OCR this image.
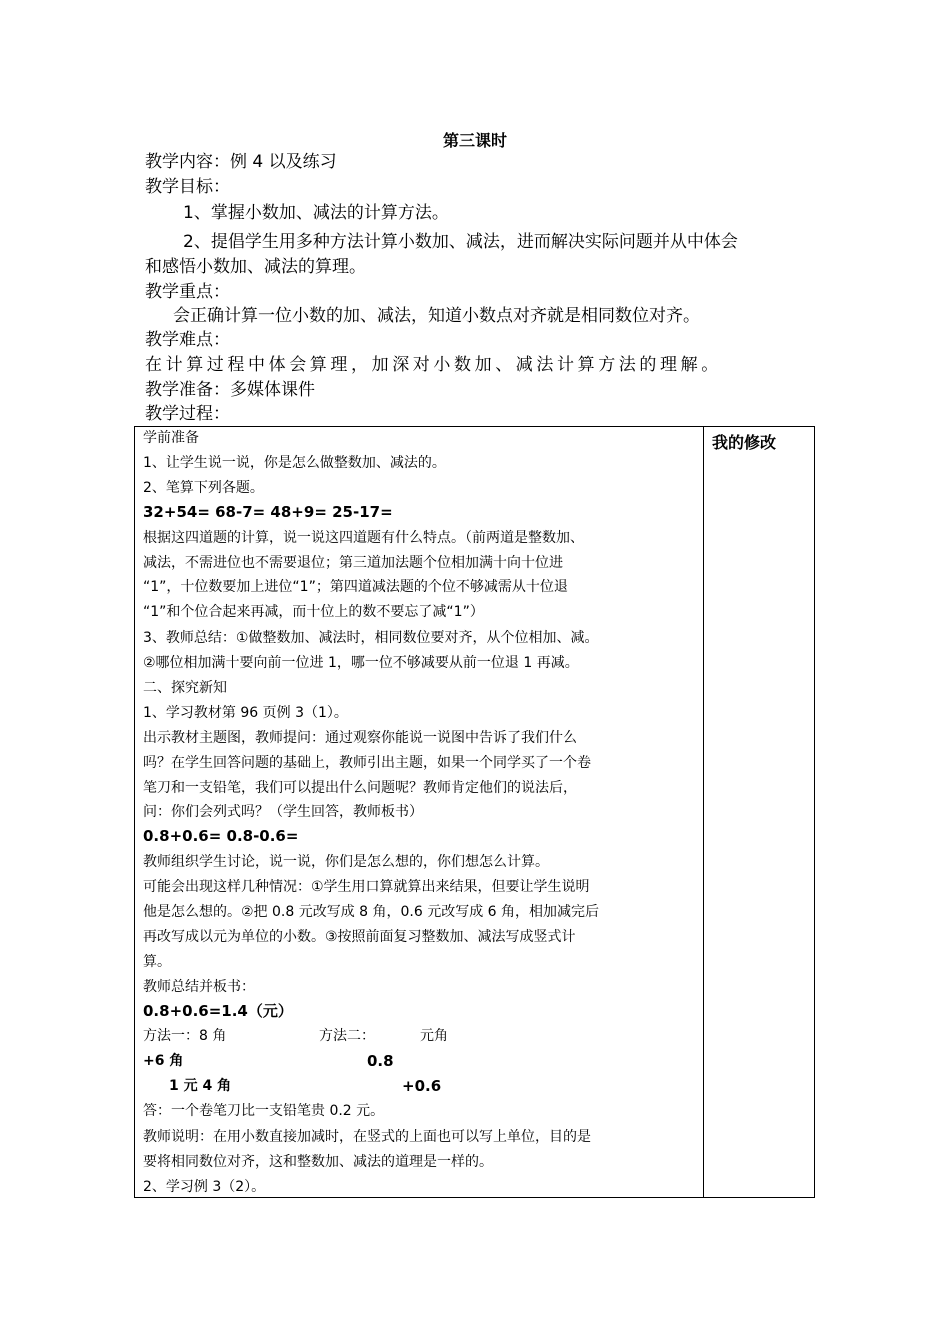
第三课时
教学内容：例 4 以及练习
教学目标：
1、掌握小数加、减法的计算方法。
2、提倡学生用多种方法计算小数加、减法，进而解决实际问题并从中体会
和感悟小数加、减法的算理。
教学重点：
会正确计算一位小数的加、减法，知道小数点对齐就是相同数位对齐。
教学难点：
在计算过程中体会算理，加深对小数加、减法计算方法的理解。
教学准备：多媒体课件
教学过程：
我的修改
学前准备
1、让学生说一说，你是怎么做整数加、减法的。
2、笔算下列各题。
32+54= 68-7= 48+9= 25-17=
根据这四道题的计算，说一说这四道题有什么特点。（前两道是整数加、
减法，不需进位也不需要退位；第三道加法题个位相加满十向十位进
“1”，十位数要加上进位“1”；第四道减法题的个位不够减需从十位退
“1”和个位合起来再减，而十位上的数不要忘了减“1”）
3、教师总结：①做整数加、减法时，相同数位要对齐，从个位相加、减。
②哪位相加满十要向前一位进 1，哪一位不够减要从前一位退 1 再减。
二、探究新知
1、学习教材第 96 页例 3（1）。
出示教材主题图，教师提问：通过观察你能说一说图中告诉了我们什么
吗？在学生回答问题的基础上，教师引出主题，如果一个同学买了一个卷
笔刀和一支铅笔，我们可以提出什么问题呢？教师肯定他们的说法后，
问：你们会列式吗？（学生回答，教师板书）
0.8+0.6= 0.8-0.6=
教师组织学生讨论，说一说，你们是怎么想的，你们想怎么计算。
可能会出现这样几种情况：①学生用口算就算出来结果，但要让学生说明
他是怎么想的。②把 0.8 元改写成 8 角，0.6 元改写成 6 角，相加减完后
再改写成以元为单位的小数。③按照前面复习整数加、减法写成竖式计
算。
教师总结并板书：
0.8+0.6=1.4（元）
方法一：8 角	方法二：	元角
+6 角	0.8
1 元 4 角	+0.6
答：一个卷笔刀比一支铅笔贵 0.2 元。
教师说明：在用小数直接加减时，在竖式的上面也可以写上单位，目的是
要将相同数位对齐，这和整数加、减法的道理是一样的。
2、学习例 3（2）。
